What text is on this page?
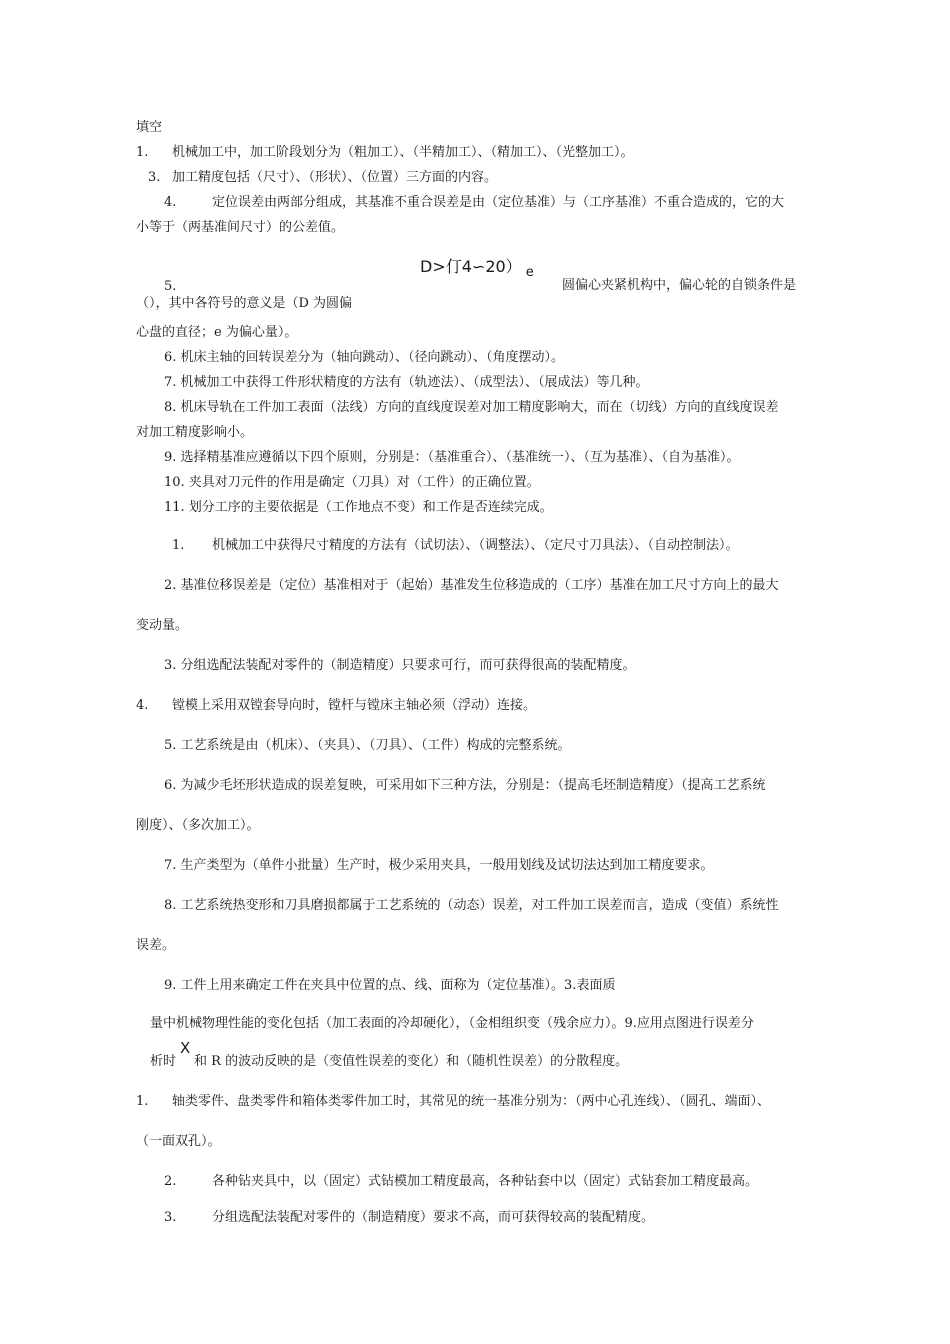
填空
1. 机械加工中，加工阶段划分为（粗加工）、（半精加工）、（精加工）、（光整加工）。
3. 加工精度包括（尺寸）、（形状）、（位置）三方面的内容。
4.	定位误差由两部分组成，其基准不重合误差是由（定位基准）与（工序基准）不重合造成的，它的大
小等于（两基准间尺寸）的公差值。
D>仃4∽20） $_e$
5.	圆偏心夹紧机构中，偏心轮的自锁条件是
（），其中各符号的意义是（D 为圆偏
心盘的直径；e 为偏心量）。
6. 机床主轴的回转误差分为（轴向跳动）、（径向跳动）、（角度摆动）。
7. 机械加工中获得工件形状精度的方法有（轨迹法）、（成型法）、（展成法）等几种。
8. 机床导轨在工件加工表面（法线）方向的直线度误差对加工精度影响大，而在（切线）方向的直线度误差
对加工精度影响小。
9. 选择精基准应遵循以下四个原则，分别是：（基准重合）、（基准统一）、（互为基准）、（自为基准）。
10. 夹具对刀元件的作用是确定（刀具）对（工件）的正确位置。
11. 划分工序的主要依据是（工作地点不变）和工作是否连续完成。
1. 机械加工中获得尺寸精度的方法有（试切法）、（调整法）、（定尺寸刀具法）、（自动控制法）。
2. 基准位移误差是（定位）基准相对于（起始）基准发生位移造成的（工序）基准在加工尺寸方向上的最大
变动量。
3. 分组选配法装配对零件的（制造精度）只要求可行，而可获得很高的装配精度。
4. 镗模上采用双镗套导向时，镗杆与镗床主轴必须（浮动）连接。
5. 工艺系统是由（机床）、（夹具）、（刀具）、（工件）构成的完整系统。
6. 为减少毛坯形状造成的误差复映，可采用如下三种方法，分别是：（提高毛坯制造精度）（提高工艺系统
刚度）、（多次加工）。
7. 生产类型为（单件小批量）生产时，极少采用夹具，一般用划线及试切法达到加工精度要求。
8. 工艺系统热变形和刀具磨损都属于工艺系统的（动态）误差，对工件加工误差而言，造成（变值）系统性
误差。
9. 工件上用来确定工件在夹具中位置的点、线、面称为（定位基准）。3.表面质
量中机械物理性能的变化包括（加工表面的冷却硬化），（金相组织变（残余应力）。9.应用点图进行误差分
析时 和 R 的波动反映的是（变值性误差的变化）和（随机性误差）的分散程度。
X
1. 轴类零件、盘类零件和箱体类零件加工时，其常见的统一基准分别为：（两中心孔连线）、（圆孔、端面）、
（一面双孔）。
2.	各种钻夹具中，以（固定）式钻模加工精度最高，各种钻套中以（固定）式钻套加工精度最高。
3.	分组选配法装配对零件的（制造精度）要求不高，而可获得较高的装配精度。
